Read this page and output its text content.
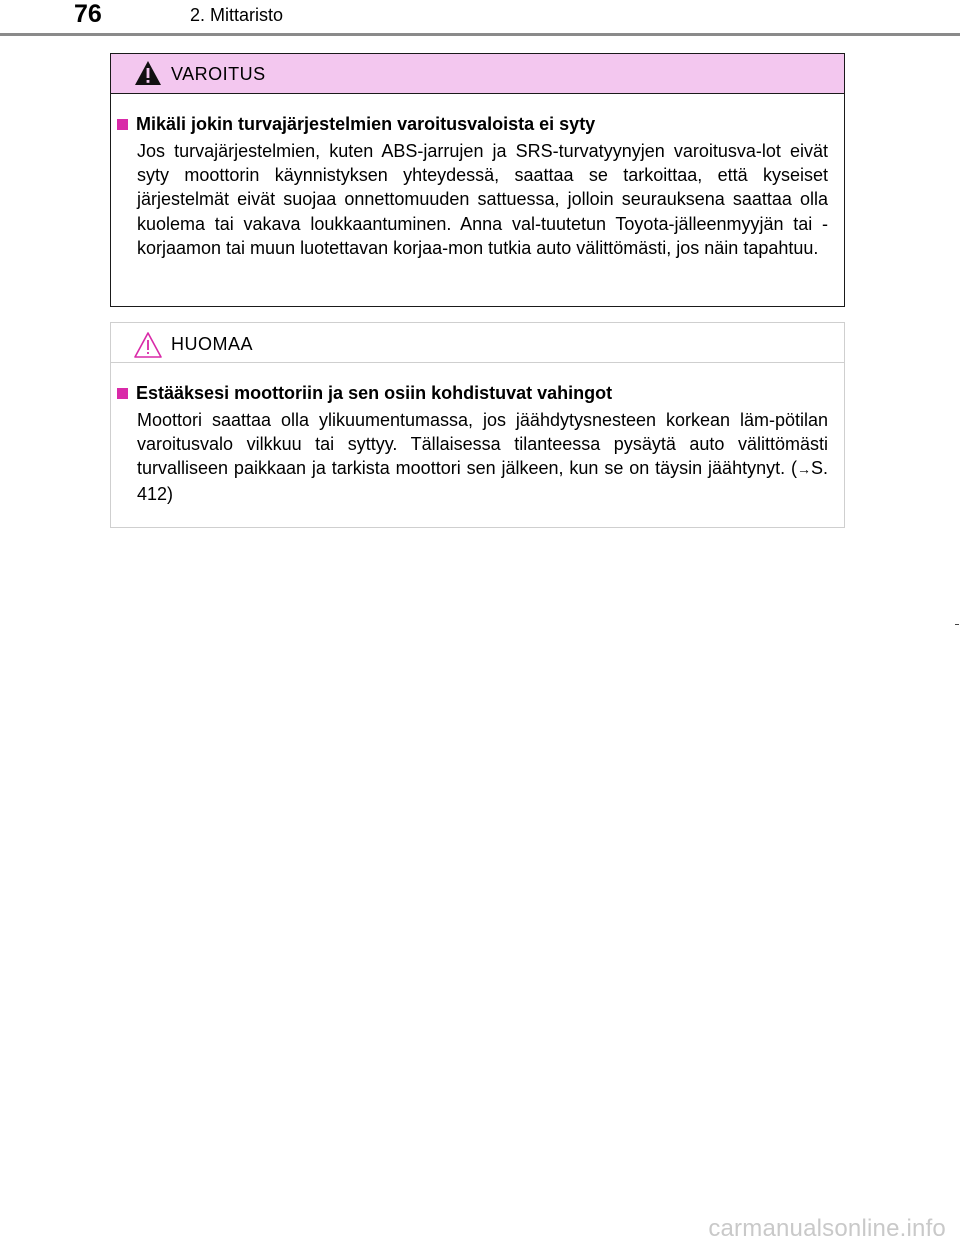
76	2. Mittaristo
VAROITUS
Mikäli jokin turvajärjestelmien varoitusvaloista ei syty

Jos turvajärjestelmien, kuten ABS-jarrujen ja SRS-turvatyynyjen varoitusva-lot eivät syty moottorin käynnistyksen yhteydessä, saattaa se tarkoittaa, että kyseiset järjestelmät eivät suojaa onnettomuuden sattuessa, jolloin seurauksena saattaa olla kuolema tai vakava loukkaantuminen. Anna val-tuutetun Toyota-jälleenmyyjän tai -korjaamon tai muun luotettavan korjaa-mon tutkia auto välittömästi, jos näin tapahtuu.

HUOMAA
Estääksesi moottoriin ja sen osiin kohdistuvat vahingot

Moottori saattaa olla ylikuumentumassa, jos jäähdytysnesteen korkean läm-pötilan varoitusvalo vilkkuu tai syttyy. Tällaisessa tilanteessa pysäytä auto välittömästi turvalliseen paikkaan ja tarkista moottori sen jälkeen, kun se on täysin jäähtynyt. (→S. 412)

carmanualsonline.info
